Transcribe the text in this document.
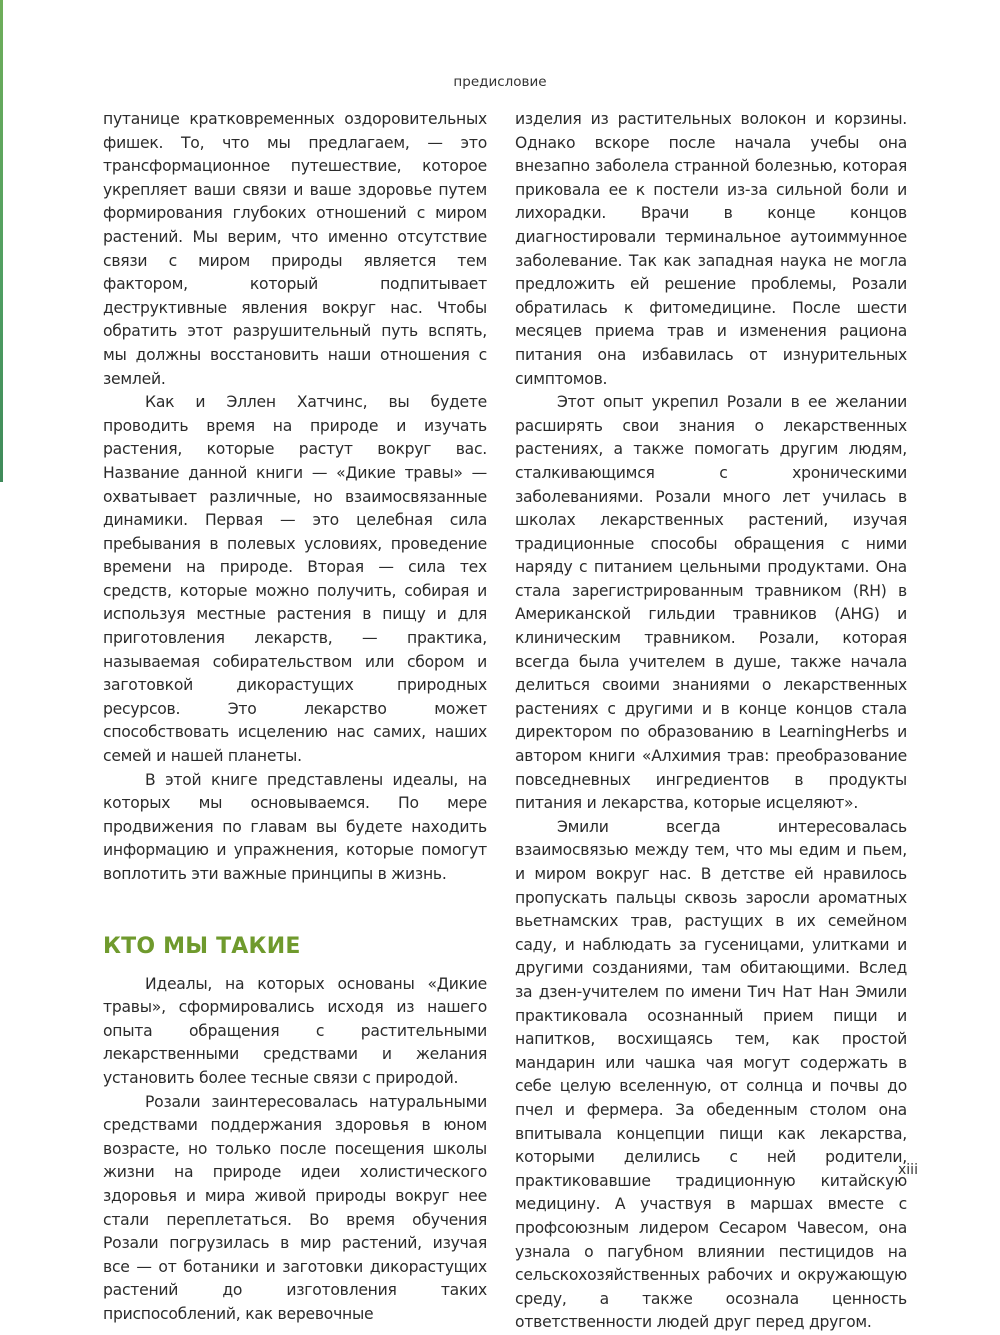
предисловие

путанице кратковременных оздоровительных фишек. То, что мы предлагаем, — это трансформационное путешествие, которое укрепляет ваши связи и ваше здоровье путем формирования глубоких отношений с миром растений. Мы верим, что именно отсутствие связи с миром природы является тем фактором, который подпитывает деструктивные явления вокруг нас. Чтобы обратить этот разрушительный путь вспять, мы должны восстановить наши отношения с землей.

Как и Эллен Хатчинс, вы будете проводить время на природе и изучать растения, которые растут вокруг вас. Название данной книги — «Дикие травы» — охватывает различные, но взаимосвязанные динамики. Первая — это целебная сила пребывания в полевых условиях, проведение времени на природе. Вторая — сила тех средств, которые можно получить, собирая и используя местные растения в пищу и для приготовления лекарств, — практика, называемая собирательством или сбором и заготовкой дикорастущих природных ресурсов. Это лекарство может способствовать исцелению нас самих, наших семей и нашей планеты.

В этой книге представлены идеалы, на которых мы основываемся. По мере продвижения по главам вы будете находить информацию и упражнения, которые помогут воплотить эти важные принципы в жизнь.

КТО МЫ ТАКИЕ

Идеалы, на которых основаны «Дикие травы», сформировались исходя из нашего опыта обращения с растительными лекарственными средствами и желания установить более тесные связи с природой.

Розали заинтересовалась натуральными средствами поддержания здоровья в юном возрасте, но только после посещения школы жизни на природе идеи холистического здоровья и мира живой природы вокруг нее стали переплетаться. Во время обучения Розали погрузилась в мир растений, изучая все — от ботаники и заготовки дикорастущих растений до изготовления таких приспособлений, как веревочные

изделия из растительных волокон и корзины. Однако вскоре после начала учебы она внезапно заболела странной болезнью, которая приковала ее к постели из-за сильной боли и лихорадки. Врачи в конце концов диагностировали терминальное аутоиммунное заболевание. Так как западная наука не могла предложить ей решение проблемы, Розали обратилась к фитомедицине. После шести месяцев приема трав и изменения рациона питания она избавилась от изнурительных симптомов.

Этот опыт укрепил Розали в ее желании расширять свои знания о лекарственных растениях, а также помогать другим людям, сталкивающимся с хроническими заболеваниями. Розали много лет училась в школах лекарственных растений, изучая традиционные способы обращения с ними наряду с питанием цельными продуктами. Она стала зарегистрированным травником (RH) в Американской гильдии травников (AHG) и клиническим травником. Розали, которая всегда была учителем в душе, также начала делиться своими знаниями о лекарственных растениях с другими и в конце концов стала директором по образованию в LearningHerbs и автором книги «Алхимия трав: преобразование повседневных ингредиентов в продукты питания и лекарства, которые исцеляют».

Эмили всегда интересовалась взаимосвязью между тем, что мы едим и пьем, и миром вокруг нас. В детстве ей нравилось пропускать пальцы сквозь заросли ароматных вьетнамских трав, растущих в их семейном саду, и наблюдать за гусеницами, улитками и другими созданиями, там обитающими. Вслед за дзен-учителем по имени Тич Нат Нан Эмили практиковала осознанный прием пищи и напитков, восхищаясь тем, как простой мандарин или чашка чая могут содержать в себе целую вселенную, от солнца и почвы до пчел и фермера. За обеденным столом она впитывала концепции пищи как лекарства, которыми делились с ней родители, практиковавшие традиционную китайскую медицину. А участвуя в маршах вместе с профсоюзным лидером Сесаром Чавесом, она узнала о пагубном влиянии пестицидов на сельскохозяйственных рабочих и окружающую среду, а также осознала ценность ответственности людей друг перед другом.

xiii
